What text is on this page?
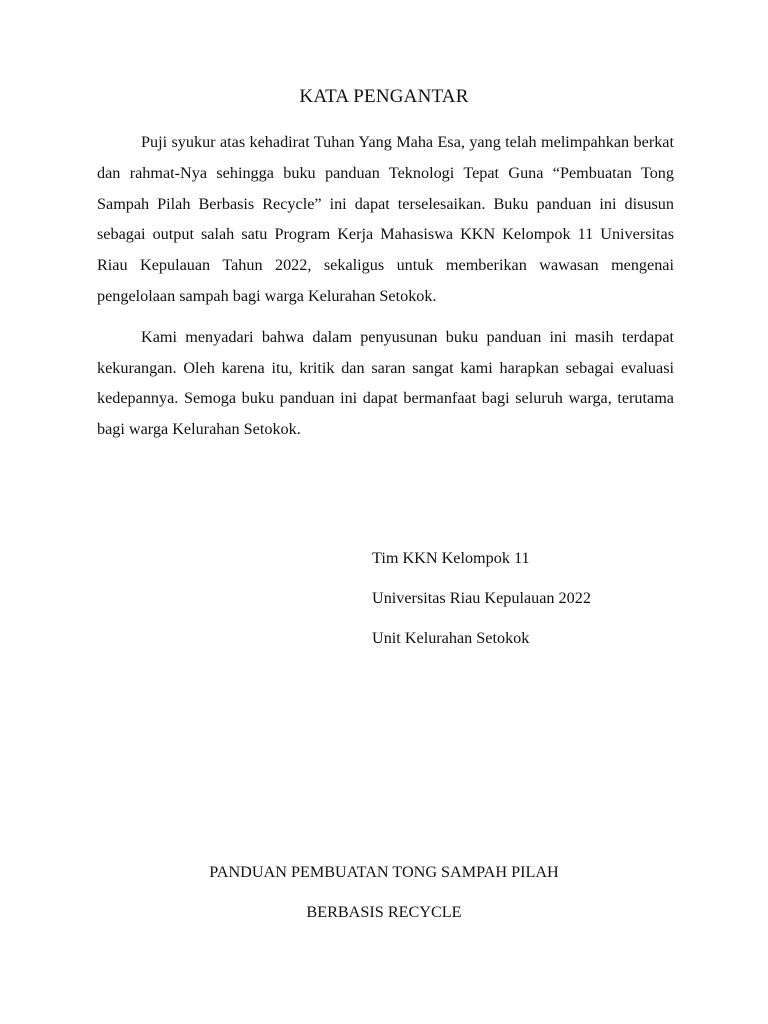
KATA PENGANTAR

Puji syukur atas kehadirat Tuhan Yang Maha Esa, yang telah melimpahkan berkat dan rahmat-Nya sehingga buku panduan Teknologi Tepat Guna “Pembuatan Tong Sampah Pilah Berbasis Recycle” ini dapat terselesaikan. Buku panduan ini disusun sebagai output salah satu Program Kerja Mahasiswa KKN Kelompok 11 Universitas Riau Kepulauan Tahun 2022, sekaligus untuk memberikan wawasan mengenai pengelolaan sampah bagi warga Kelurahan Setokok.

Kami menyadari bahwa dalam penyusunan buku panduan ini masih terdapat kekurangan. Oleh karena itu, kritik dan saran sangat kami harapkan sebagai evaluasi kedepannya. Semoga buku panduan ini dapat bermanfaat bagi seluruh warga, terutama bagi warga Kelurahan Setokok.

Tim KKN Kelompok 11
Universitas Riau Kepulauan 2022
Unit Kelurahan Setokok
PANDUAN PEMBUATAN TONG SAMPAH PILAH
BERBASIS RECYCLE
